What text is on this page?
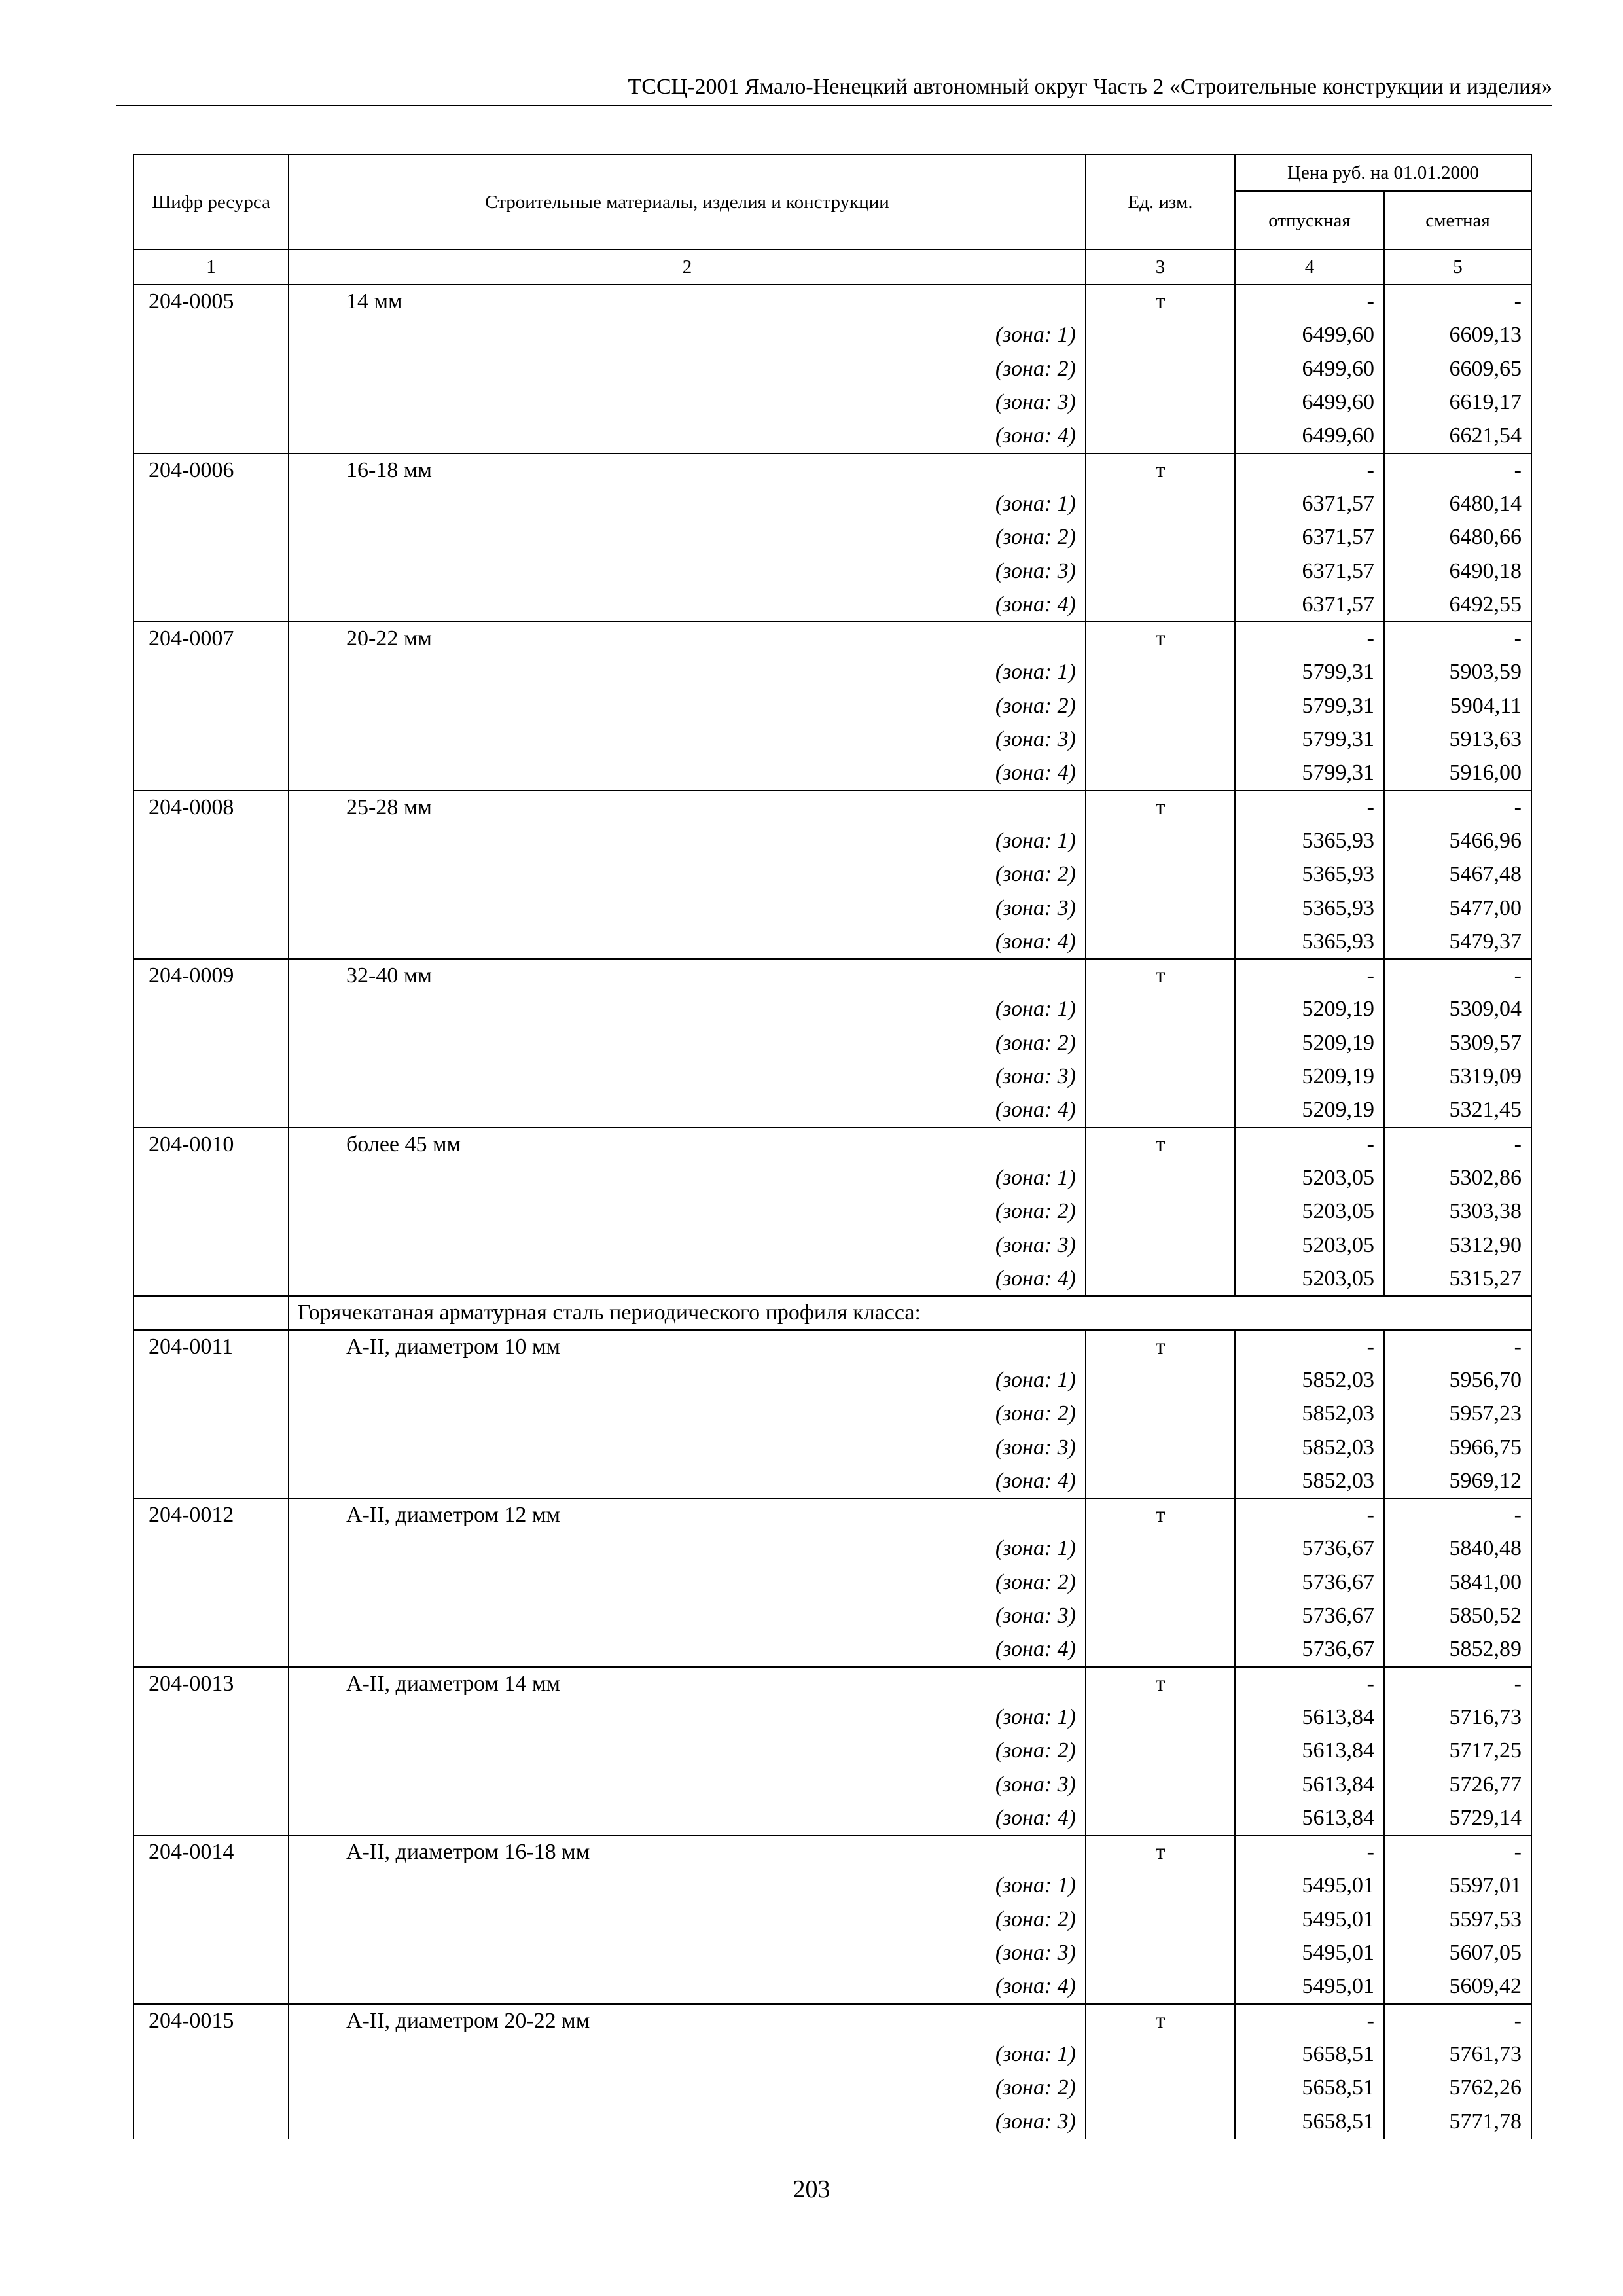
ТССЦ-2001 Ямало-Ненецкий автономный округ Часть 2 «Строительные конструкции и изделия»
Шифр ресурса	Строительные материалы, изделия и конструкции	Ед. изм.	Цена руб. на 01.01.2000	
			отпускная	сметная
1	2	3	4	5
204-0005	14 мм	т	-	-
	(зона: 1)		6499,60	6609,13
	(зона: 2)		6499,60	6609,65
	(зона: 3)		6499,60	6619,17
	(зона: 4)		6499,60	6621,54
204-0006	16-18 мм	т	-	-
	(зона: 1)		6371,57	6480,14
	(зона: 2)		6371,57	6480,66
	(зона: 3)		6371,57	6490,18
	(зона: 4)		6371,57	6492,55
204-0007	20-22 мм	т	-	-
	(зона: 1)		5799,31	5903,59
	(зона: 2)		5799,31	5904,11
	(зона: 3)		5799,31	5913,63
	(зона: 4)		5799,31	5916,00
204-0008	25-28 мм	т	-	-
	(зона: 1)		5365,93	5466,96
	(зона: 2)		5365,93	5467,48
	(зона: 3)		5365,93	5477,00
	(зона: 4)		5365,93	5479,37
204-0009	32-40 мм	т	-	-
	(зона: 1)		5209,19	5309,04
	(зона: 2)		5209,19	5309,57
	(зона: 3)		5209,19	5319,09
	(зона: 4)		5209,19	5321,45
204-0010	более 45 мм	т	-	-
	(зона: 1)		5203,05	5302,86
	(зона: 2)		5203,05	5303,38
	(зона: 3)		5203,05	5312,90
	(зона: 4)		5203,05	5315,27
	Горячекатаная арматурная сталь периодического профиля класса:			
204-0011	А-II, диаметром 10 мм	т	-	-
	(зона: 1)		5852,03	5956,70
	(зона: 2)		5852,03	5957,23
	(зона: 3)		5852,03	5966,75
	(зона: 4)		5852,03	5969,12
204-0012	А-II, диаметром 12 мм	т	-	-
	(зона: 1)		5736,67	5840,48
	(зона: 2)		5736,67	5841,00
	(зона: 3)		5736,67	5850,52
	(зона: 4)		5736,67	5852,89
204-0013	А-II, диаметром 14 мм	т	-	-
	(зона: 1)		5613,84	5716,73
	(зона: 2)		5613,84	5717,25
	(зона: 3)		5613,84	5726,77
	(зона: 4)		5613,84	5729,14
204-0014	А-II, диаметром 16-18 мм	т	-	-
	(зона: 1)		5495,01	5597,01
	(зона: 2)		5495,01	5597,53
	(зона: 3)		5495,01	5607,05
	(зона: 4)		5495,01	5609,42
204-0015	А-II, диаметром 20-22 мм	т	-	-
	(зона: 1)		5658,51	5761,73
	(зона: 2)		5658,51	5762,26
	(зона: 3)		5658,51	5771,78
203
